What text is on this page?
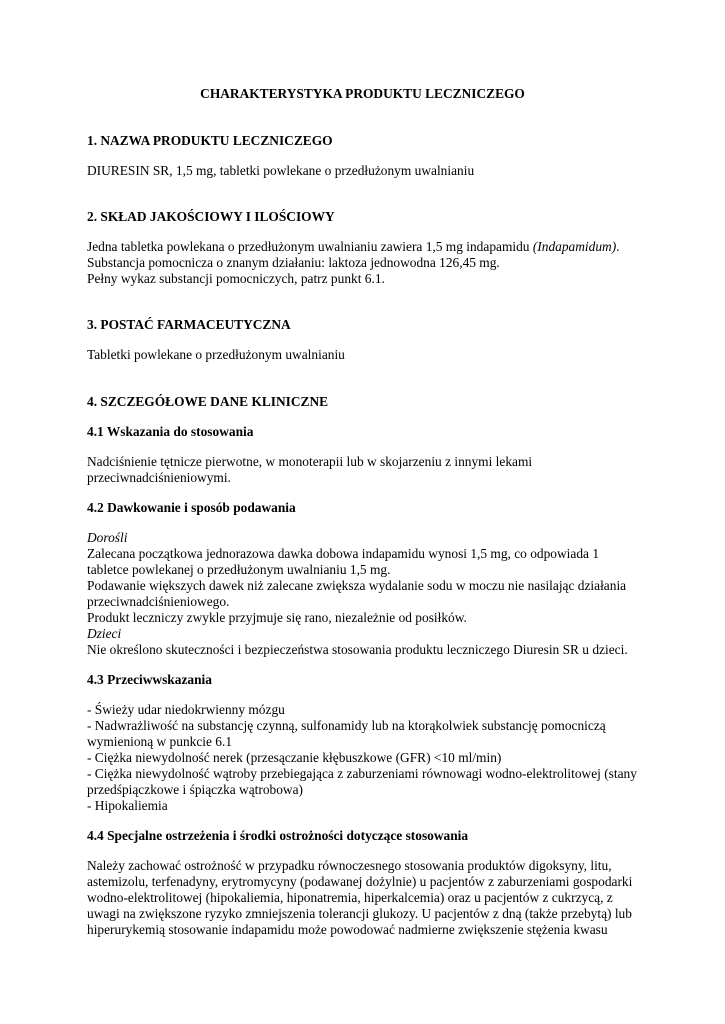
CHARAKTERYSTYKA PRODUKTU LECZNICZEGO

1. NAZWA PRODUKTU LECZNICZEGO

DIURESIN SR, 1,5 mg, tabletki powlekane o przedłużonym uwalnianiu

2. SKŁAD JAKOŚCIOWY I ILOŚCIOWY

Jedna tabletka powlekana o przedłużonym uwalnianiu zawiera 1,5 mg indapamidu (Indapamidum).

Substancja pomocnicza o znanym działaniu: laktoza jednowodna 126,45 mg.

Pełny wykaz substancji pomocniczych, patrz punkt 6.1.

3. POSTAĆ FARMACEUTYCZNA

Tabletki powlekane o przedłużonym uwalnianiu

4. SZCZEGÓŁOWE DANE KLINICZNE

4.1 Wskazania do stosowania

Nadciśnienie tętnicze pierwotne, w monoterapii lub w skojarzeniu z innymi lekami

przeciwnadciśnieniowymi.

4.2 Dawkowanie i sposób podawania

Dorośli

Zalecana początkowa jednorazowa dawka dobowa indapamidu wynosi 1,5 mg, co odpowiada 1

tabletce powlekanej o przedłużonym uwalnianiu 1,5 mg.

Podawanie większych dawek niż zalecane zwiększa wydalanie sodu w moczu nie nasilając działania

przeciwnadciśnieniowego.

Produkt leczniczy zwykle przyjmuje się rano, niezależnie od posiłków.

Dzieci

Nie określono skuteczności i bezpieczeństwa stosowania produktu leczniczego Diuresin SR u dzieci.

4.3 Przeciwwskazania

- Świeży udar niedokrwienny mózgu

- Nadwrażliwość na substancję czynną, sulfonamidy lub na ktorąkolwiek substancję pomocniczą

wymienioną w punkcie 6.1

- Ciężka niewydolność nerek (przesączanie kłębuszkowe (GFR) <10 ml/min)

- Ciężka niewydolność wątroby przebiegająca z zaburzeniami równowagi wodno-elektrolitowej (stany

przedśpiączkowe i śpiączka wątrobowa)

- Hipokaliemia

4.4 Specjalne ostrzeżenia i środki ostrożności dotyczące stosowania

Należy zachować ostrożność w przypadku równoczesnego stosowania produktów digoksyny, litu,

astemizolu, terfenadyny, erytromycyny (podawanej dożylnie) u pacjentów z zaburzeniami gospodarki

wodno-elektrolitowej (hipokaliemia, hiponatremia, hiperkalcemia) oraz u pacjentów z cukrzycą, z

uwagi na zwiększone ryzyko zmniejszenia tolerancji glukozy. U pacjentów z dną (także przebytą) lub

hiperurykemią stosowanie indapamidu może powodować nadmierne zwiększenie stężenia kwasu
